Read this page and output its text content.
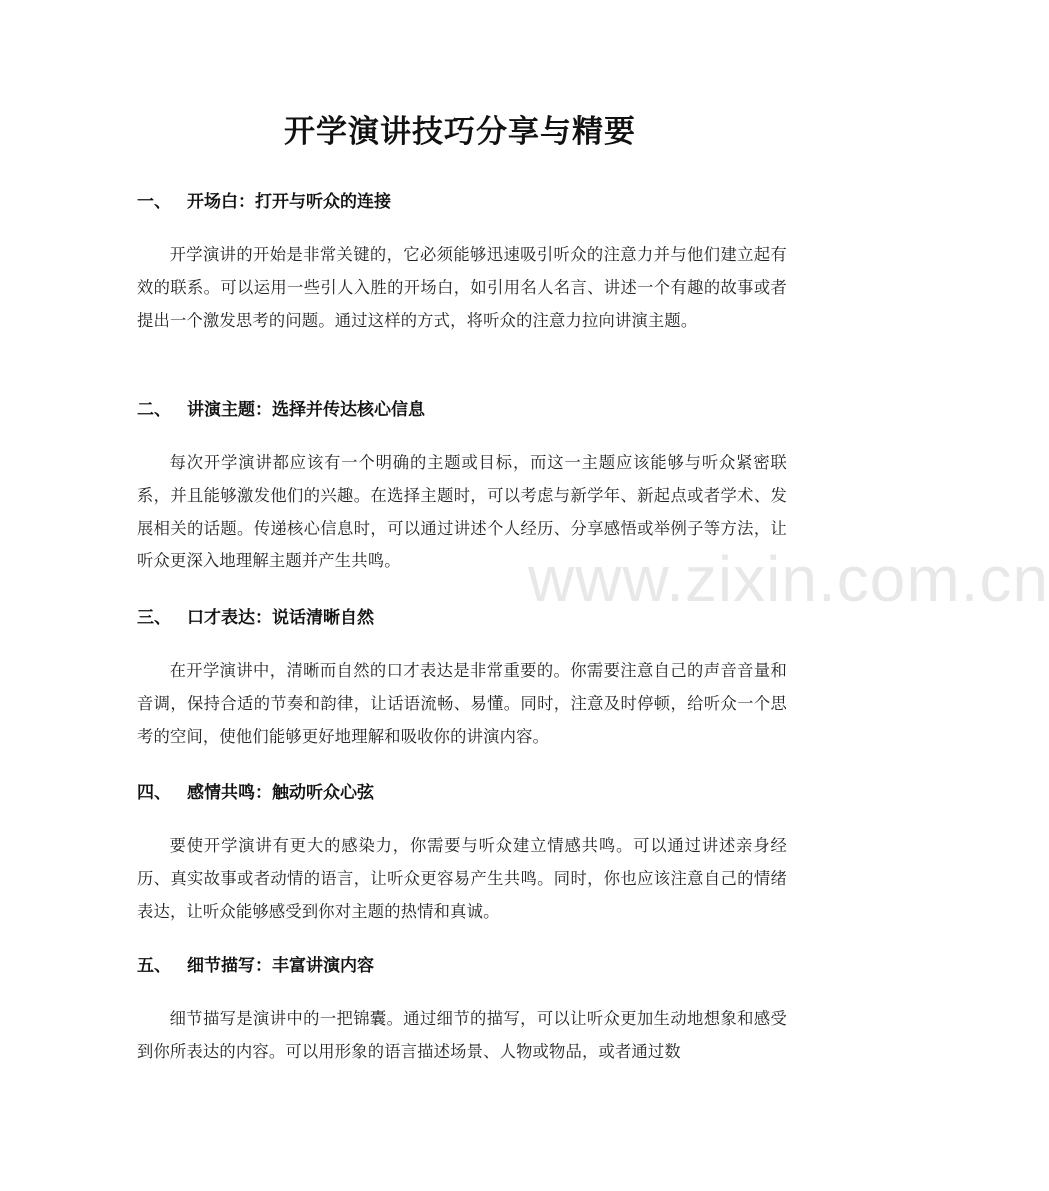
开学演讲技巧分享与精要
一、 开场白：打开与听众的连接
开学演讲的开始是非常关键的，它必须能够迅速吸引听众的注意力并与他们建立起有效的联系。可以运用一些引人入胜的开场白，如引用名人名言、讲述一个有趣的故事或者提出一个激发思考的问题。通过这样的方式，将听众的注意力拉向讲演主题。
二、 讲演主题：选择并传达核心信息
每次开学演讲都应该有一个明确的主题或目标，而这一主题应该能够与听众紧密联系，并且能够激发他们的兴趣。在选择主题时，可以考虑与新学年、新起点或者学术、发展相关的话题。传递核心信息时，可以通过讲述个人经历、分享感悟或举例子等方法，让听众更深入地理解主题并产生共鸣。
三、 口才表达：说话清晰自然
在开学演讲中，清晰而自然的口才表达是非常重要的。你需要注意自己的声音音量和音调，保持合适的节奏和韵律，让话语流畅、易懂。同时，注意及时停顿，给听众一个思考的空间，使他们能够更好地理解和吸收你的讲演内容。
四、 感情共鸣：触动听众心弦
要使开学演讲有更大的感染力，你需要与听众建立情感共鸣。可以通过讲述亲身经历、真实故事或者动情的语言，让听众更容易产生共鸣。同时，你也应该注意自己的情绪表达，让听众能够感受到你对主题的热情和真诚。
五、 细节描写：丰富讲演内容
细节描写是演讲中的一把锦囊。通过细节的描写，可以让听众更加生动地想象和感受到你所表达的内容。可以用形象的语言描述场景、人物或物品，或者通过数
www.zixin.com.cn
